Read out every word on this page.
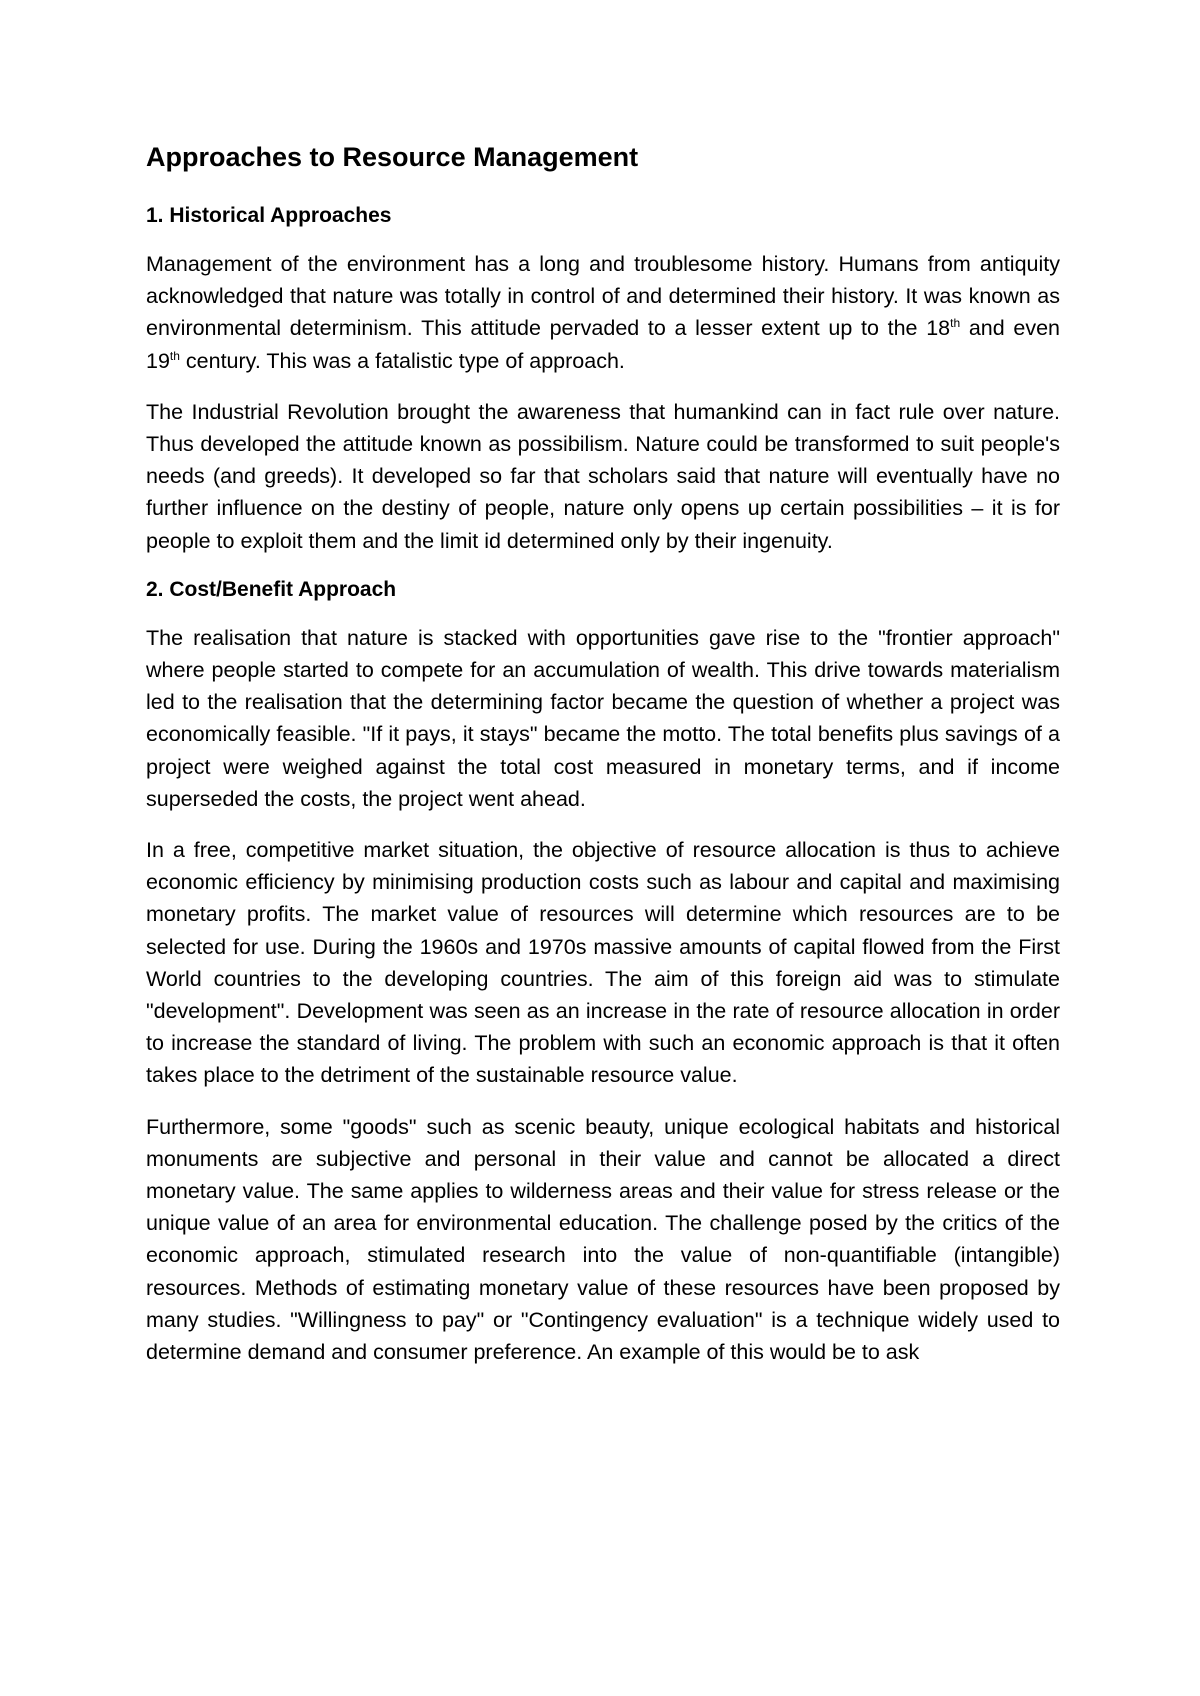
Approaches to Resource Management
1. Historical Approaches

Management of the environment has a long and troublesome history. Humans from antiquity acknowledged that nature was totally in control of and determined their history. It was known as environmental determinism. This attitude pervaded to a lesser extent up to the 18th and even 19th century. This was a fatalistic type of approach.

The Industrial Revolution brought the awareness that humankind can in fact rule over nature. Thus developed the attitude known as possibilism. Nature could be transformed to suit people's needs (and greeds). It developed so far that scholars said that nature will eventually have no further influence on the destiny of people, nature only opens up certain possibilities – it is for people to exploit them and the limit id determined only by their ingenuity.

2. Cost/Benefit Approach

The realisation that nature is stacked with opportunities gave rise to the "frontier approach" where people started to compete for an accumulation of wealth. This drive towards materialism led to the realisation that the determining factor became the question of whether a project was economically feasible. "If it pays, it stays" became the motto. The total benefits plus savings of a project were weighed against the total cost measured in monetary terms, and if income superseded the costs, the project went ahead.

In a free, competitive market situation, the objective of resource allocation is thus to achieve economic efficiency by minimising production costs such as labour and capital and maximising monetary profits. The market value of resources will determine which resources are to be selected for use. During the 1960s and 1970s massive amounts of capital flowed from the First World countries to the developing countries. The aim of this foreign aid was to stimulate "development". Development was seen as an increase in the rate of resource allocation in order to increase the standard of living. The problem with such an economic approach is that it often takes place to the detriment of the sustainable resource value.

Furthermore, some "goods" such as scenic beauty, unique ecological habitats and historical monuments are subjective and personal in their value and cannot be allocated a direct monetary value. The same applies to wilderness areas and their value for stress release or the unique value of an area for environmental education. The challenge posed by the critics of the economic approach, stimulated research into the value of non-quantifiable (intangible) resources. Methods of estimating monetary value of these resources have been proposed by many studies. "Willingness to pay" or "Contingency evaluation" is a technique widely used to determine demand and consumer preference. An example of this would be to ask
